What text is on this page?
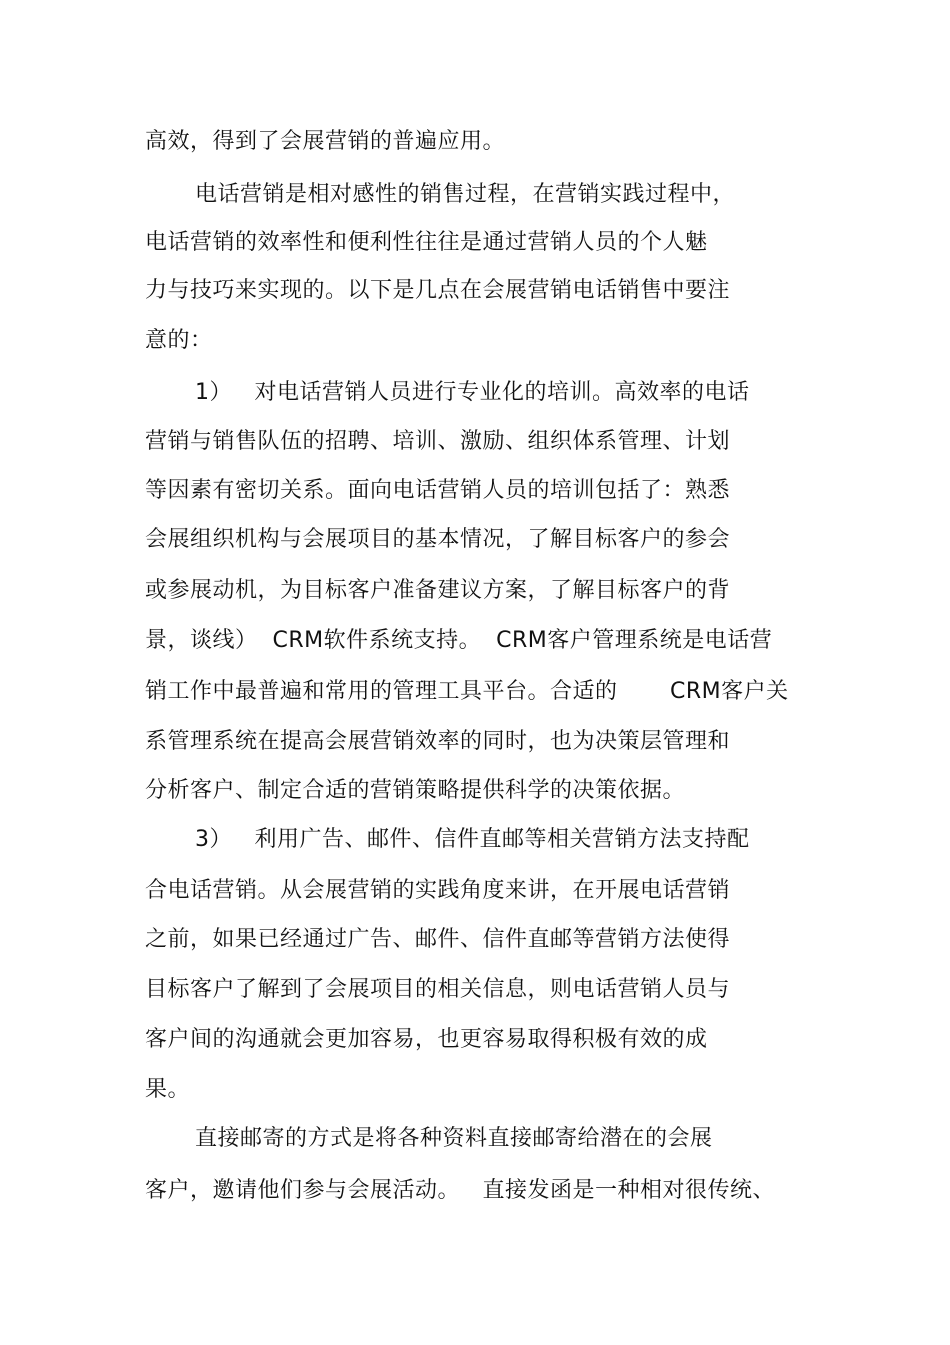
高效，得到了会展营销的普遍应用。
电话营销是相对感性的销售过程，在营销实践过程中，
电话营销的效率性和便利性往往是通过营销人员的个人魅
力与技巧来实现的。以下是几点在会展营销电话销售中要注
意的：
1）   对电话营销人员进行专业化的培训。高效率的电话
营销与销售队伍的招聘、培训、激励、组织体系管理、计划
等因素有密切关系。面向电话营销人员的培训包括了：熟悉
会展组织机构与会展项目的基本情况，了解目标客户的参会
或参展动机，为目标客户准备建议方案，了解目标客户的背
景，谈线）  CRM软件系统支持。  CRM客户管理系统是电话营
销工作中最普遍和常用的管理工具平台。合适的       CRM客户关
系管理系统在提高会展营销效率的同时，也为决策层管理和
分析客户、制定合适的营销策略提供科学的决策依据。
3）   利用广告、邮件、信件直邮等相关营销方法支持配
合电话营销。从会展营销的实践角度来讲，在开展电话营销
之前，如果已经通过广告、邮件、信件直邮等营销方法使得
目标客户了解到了会展项目的相关信息，则电话营销人员与
客户间的沟通就会更加容易，也更容易取得积极有效的成
果。
直接邮寄的方式是将各种资料直接邮寄给潜在的会展
客户，邀请他们参与会展活动。   直接发函是一种相对很传统、
